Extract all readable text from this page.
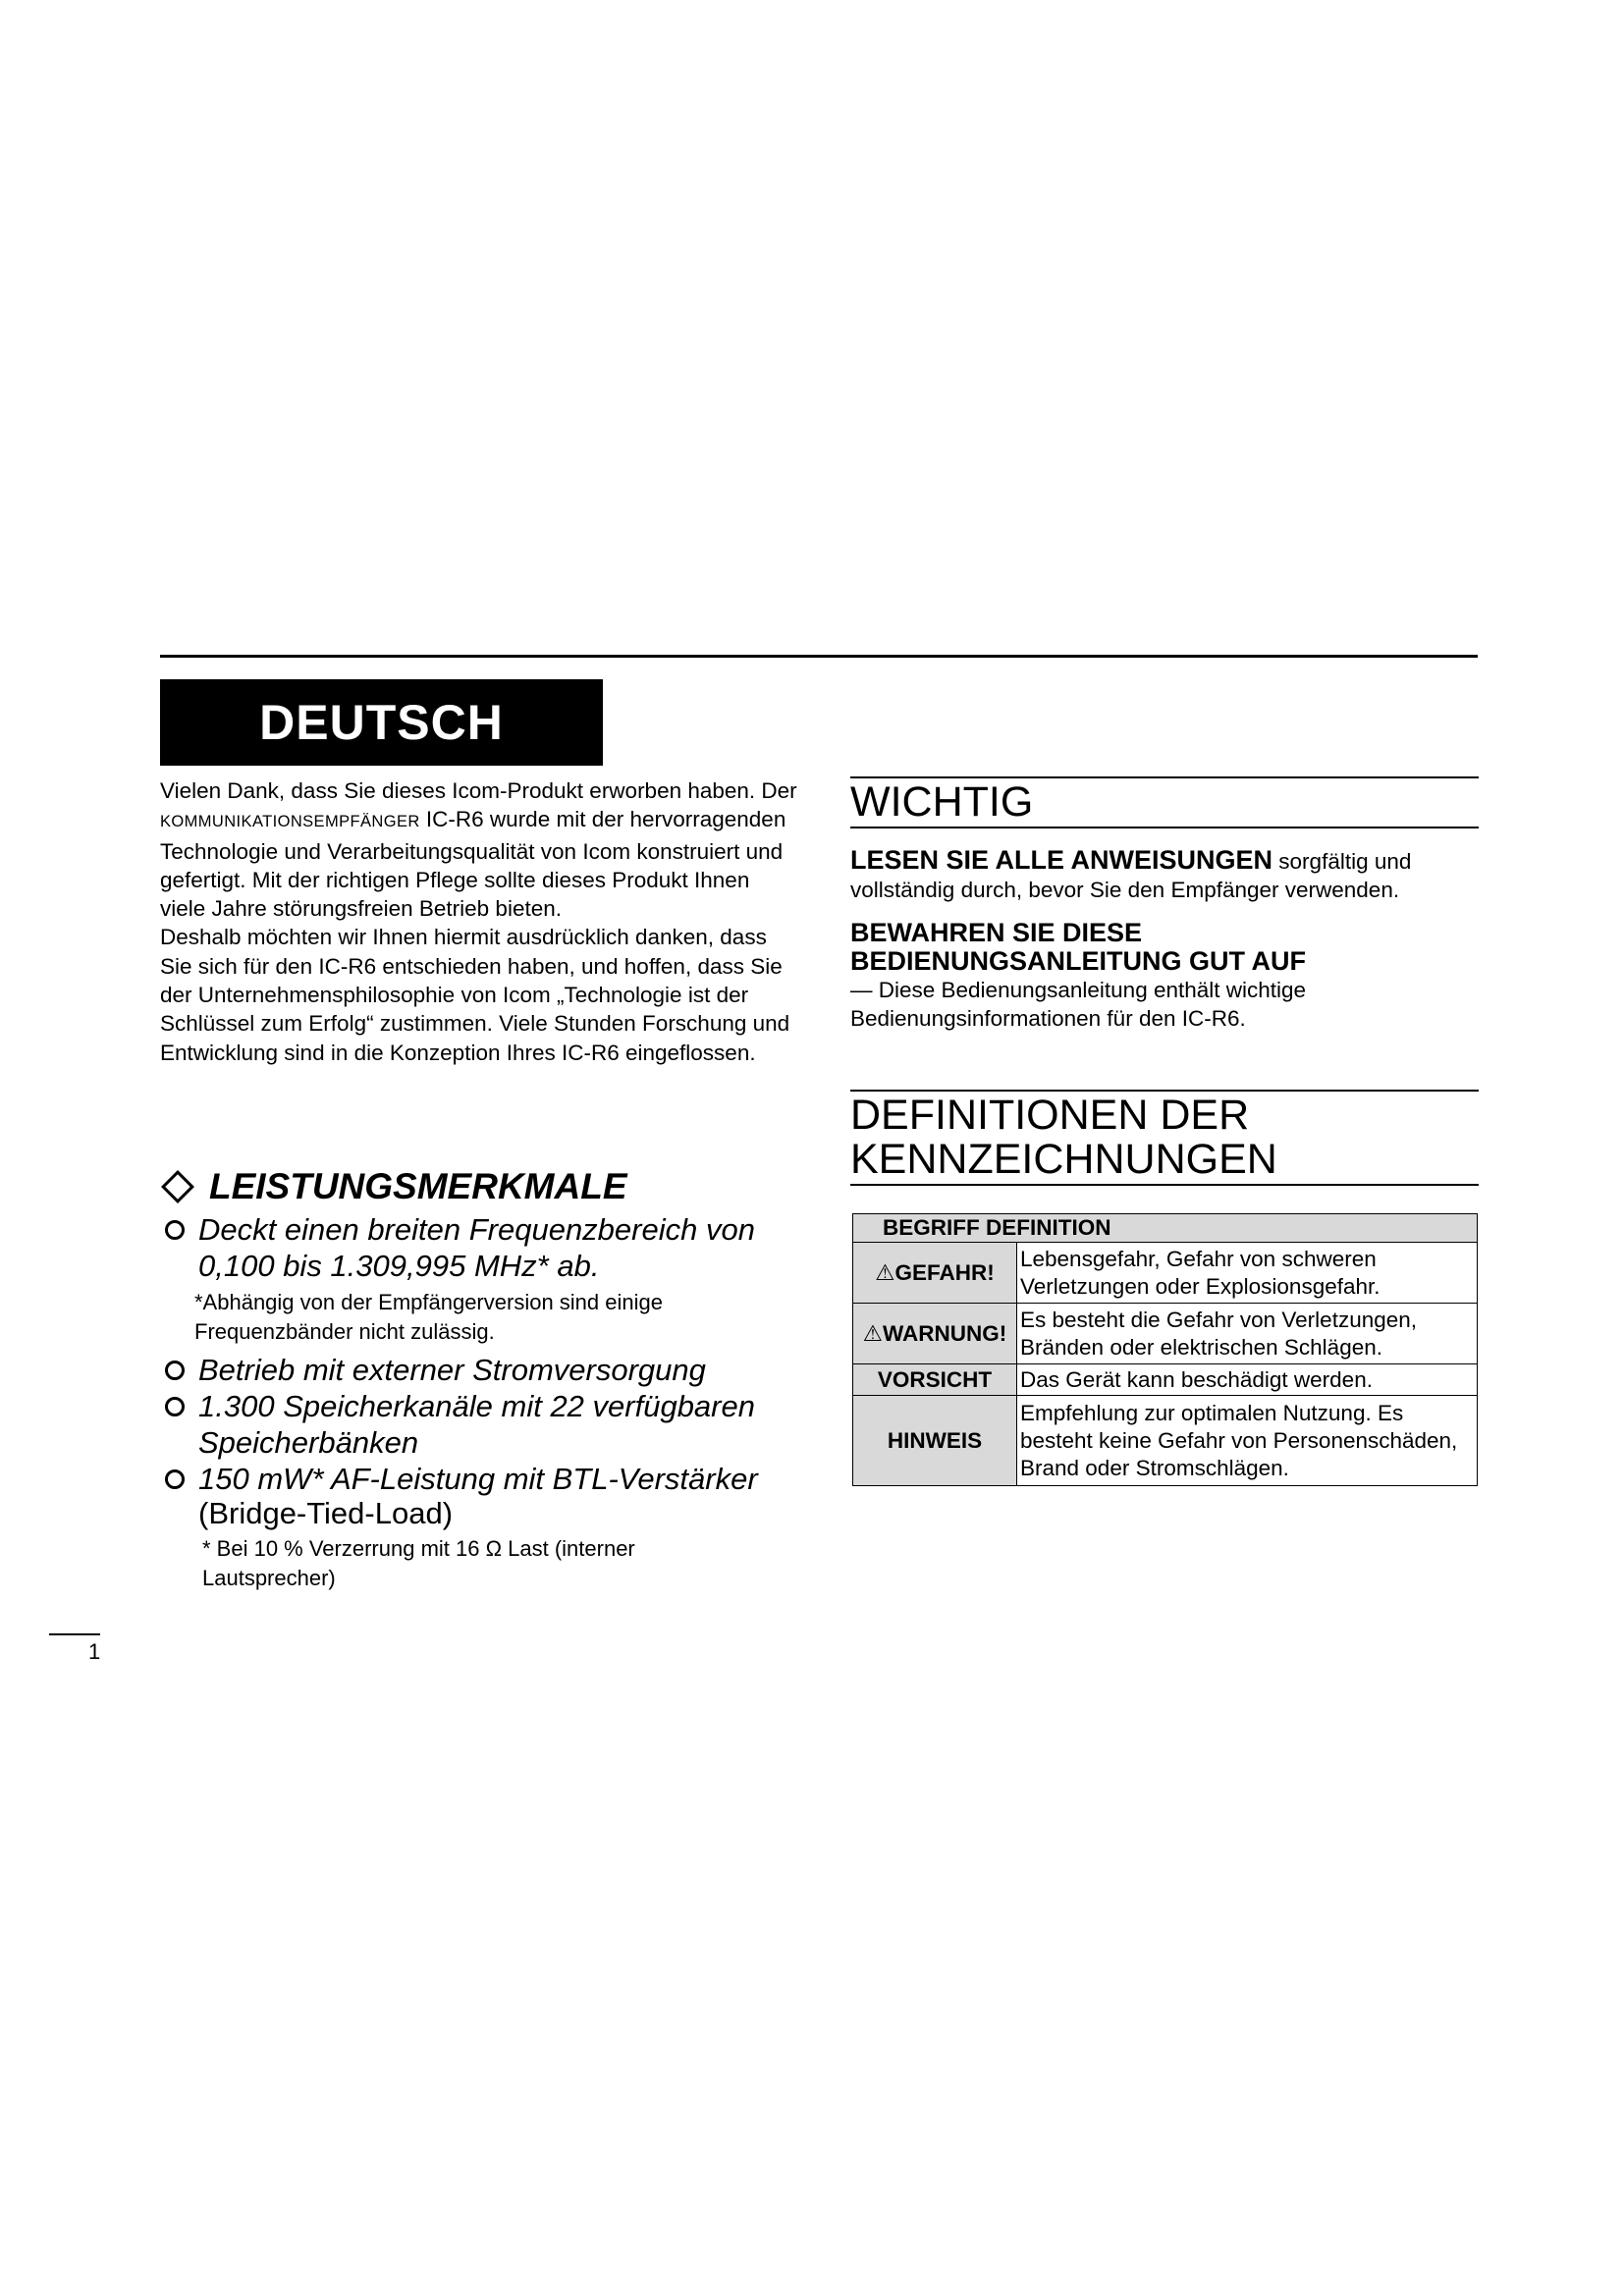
DEUTSCH

Vielen Dank, dass Sie dieses Icom-Produkt erworben haben. Der KOMMUNIKATIONSEMPFÄNGER IC-R6 wurde mit der hervorragenden Technologie und Verarbeitungsqualität von Icom konstruiert und gefertigt. Mit der richtigen Pflege sollte dieses Produkt Ihnen viele Jahre störungsfreien Betrieb bieten.

Deshalb möchten wir Ihnen hiermit ausdrücklich danken, dass Sie sich für den IC-R6 entschieden haben, und hoffen, dass Sie der Unternehmensphilosophie von Icom „Technologie ist der Schlüssel zum Erfolg“ zustimmen. Viele Stunden Forschung und Entwicklung sind in die Konzeption Ihres IC-R6 eingeflossen.

LEISTUNGSMERKMALE
Deckt einen breiten Frequenzbereich von 0,100 bis 1.309,995 MHz* ab.
*Abhängig von der Empfängerversion sind einige Frequenzbänder nicht zulässig.
Betrieb mit externer Stromversorgung
1.300 Speicherkanäle mit 22 verfügbaren Speicherbänken
150 mW* AF-Leistung mit BTL-Verstärker
(Bridge-Tied-Load)
* Bei 10 % Verzerrung mit 16 Ω Last (interner Lautsprecher)
WICHTIG

LESEN SIE ALLE ANWEISUNGEN sorgfältig und vollständig durch, bevor Sie den Empfänger verwenden.

BEWAHREN SIE DIESE BEDIENUNGSANLEITUNG GUT AUF

— Diese Bedienungsanleitung enthält wichtige Bedienungsinformationen für den IC-R6.

DEFINITIONEN DER KENNZEICHNUNGEN
BEGRIFF DEFINITION	
⚠GEFAHR!	Lebensgefahr, Gefahr von schweren Verletzungen oder Explosionsgefahr.
⚠WARNUNG!	Es besteht die Gefahr von Verletzungen, Bränden oder elektrischen Schlägen.
VORSICHT	Das Gerät kann beschädigt werden.
HINWEIS	Empfehlung zur optimalen Nutzung. Es besteht keine Gefahr von Personenschäden, Brand oder Stromschlägen.
1
